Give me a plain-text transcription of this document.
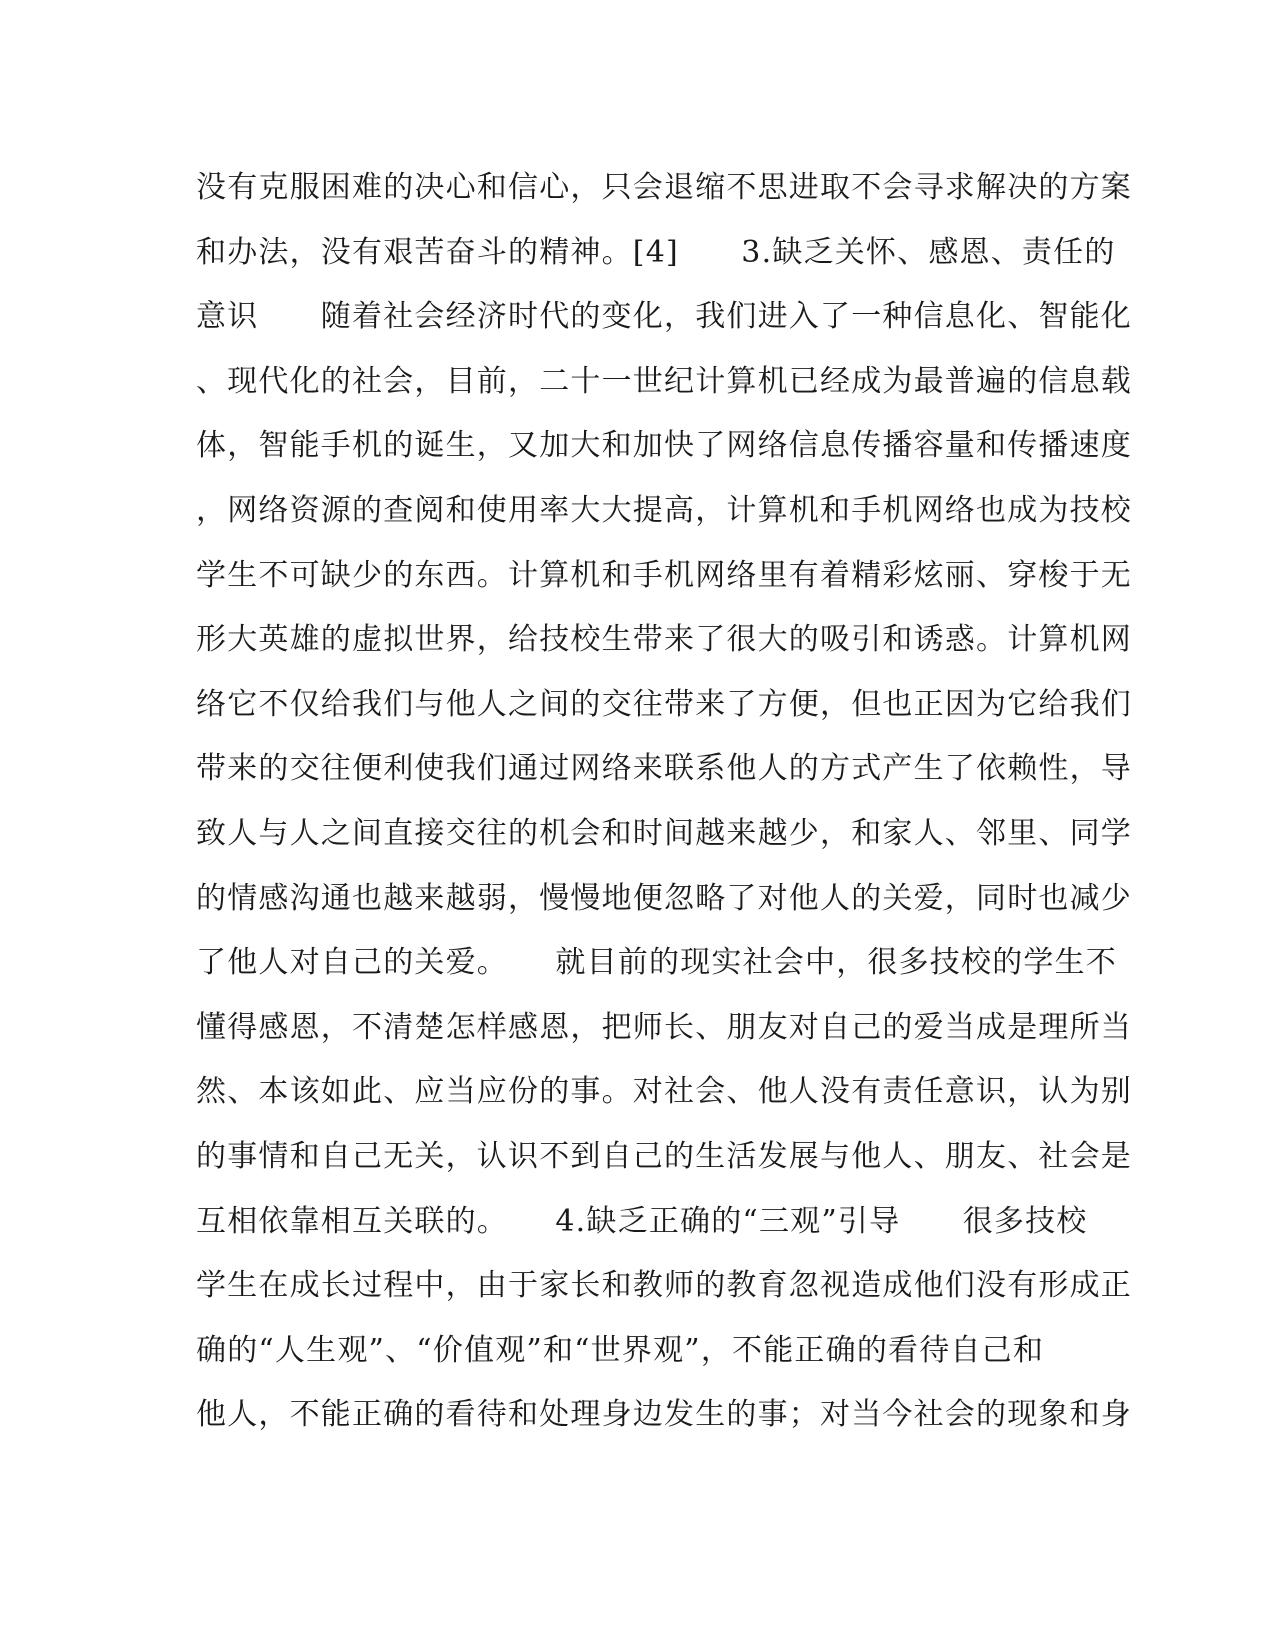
没有克服困难的决心和信心，只会退缩不思进取不会寻求解决的方案
和办法，没有艰苦奋斗的精神。[4]　　3.缺乏关怀、感恩、责任的
意识　　随着社会经济时代的变化，我们进入了一种信息化、智能化
、现代化的社会，目前，二十一世纪计算机已经成为最普遍的信息载
体，智能手机的诞生，又加大和加快了网络信息传播容量和传播速度
，网络资源的查阅和使用率大大提高，计算机和手机网络也成为技校
学生不可缺少的东西。计算机和手机网络里有着精彩炫丽、穿梭于无
形大英雄的虚拟世界，给技校生带来了很大的吸引和诱惑。计算机网
络它不仅给我们与他人之间的交往带来了方便，但也正因为它给我们
带来的交往便利使我们通过网络来联系他人的方式产生了依赖性，导
致人与人之间直接交往的机会和时间越来越少，和家人、邻里、同学
的情感沟通也越来越弱，慢慢地便忽略了对他人的关爱，同时也减少
了他人对自己的关爱。　　就目前的现实社会中，很多技校的学生不
懂得感恩，不清楚怎样感恩，把师长、朋友对自己的爱当成是理所当
然、本该如此、应当应份的事。对社会、他人没有责任意识，认为别
的事情和自己无关，认识不到自己的生活发展与他人、朋友、社会是
互相依靠相互关联的。　　4.缺乏正确的“三观”引导　　很多技校
学生在成长过程中，由于家长和教师的教育忽视造成他们没有形成正
确的“人生观”、“价值观”和“世界观”，不能正确的看待自己和
他人，不能正确的看待和处理身边发生的事；对当今社会的现象和身
